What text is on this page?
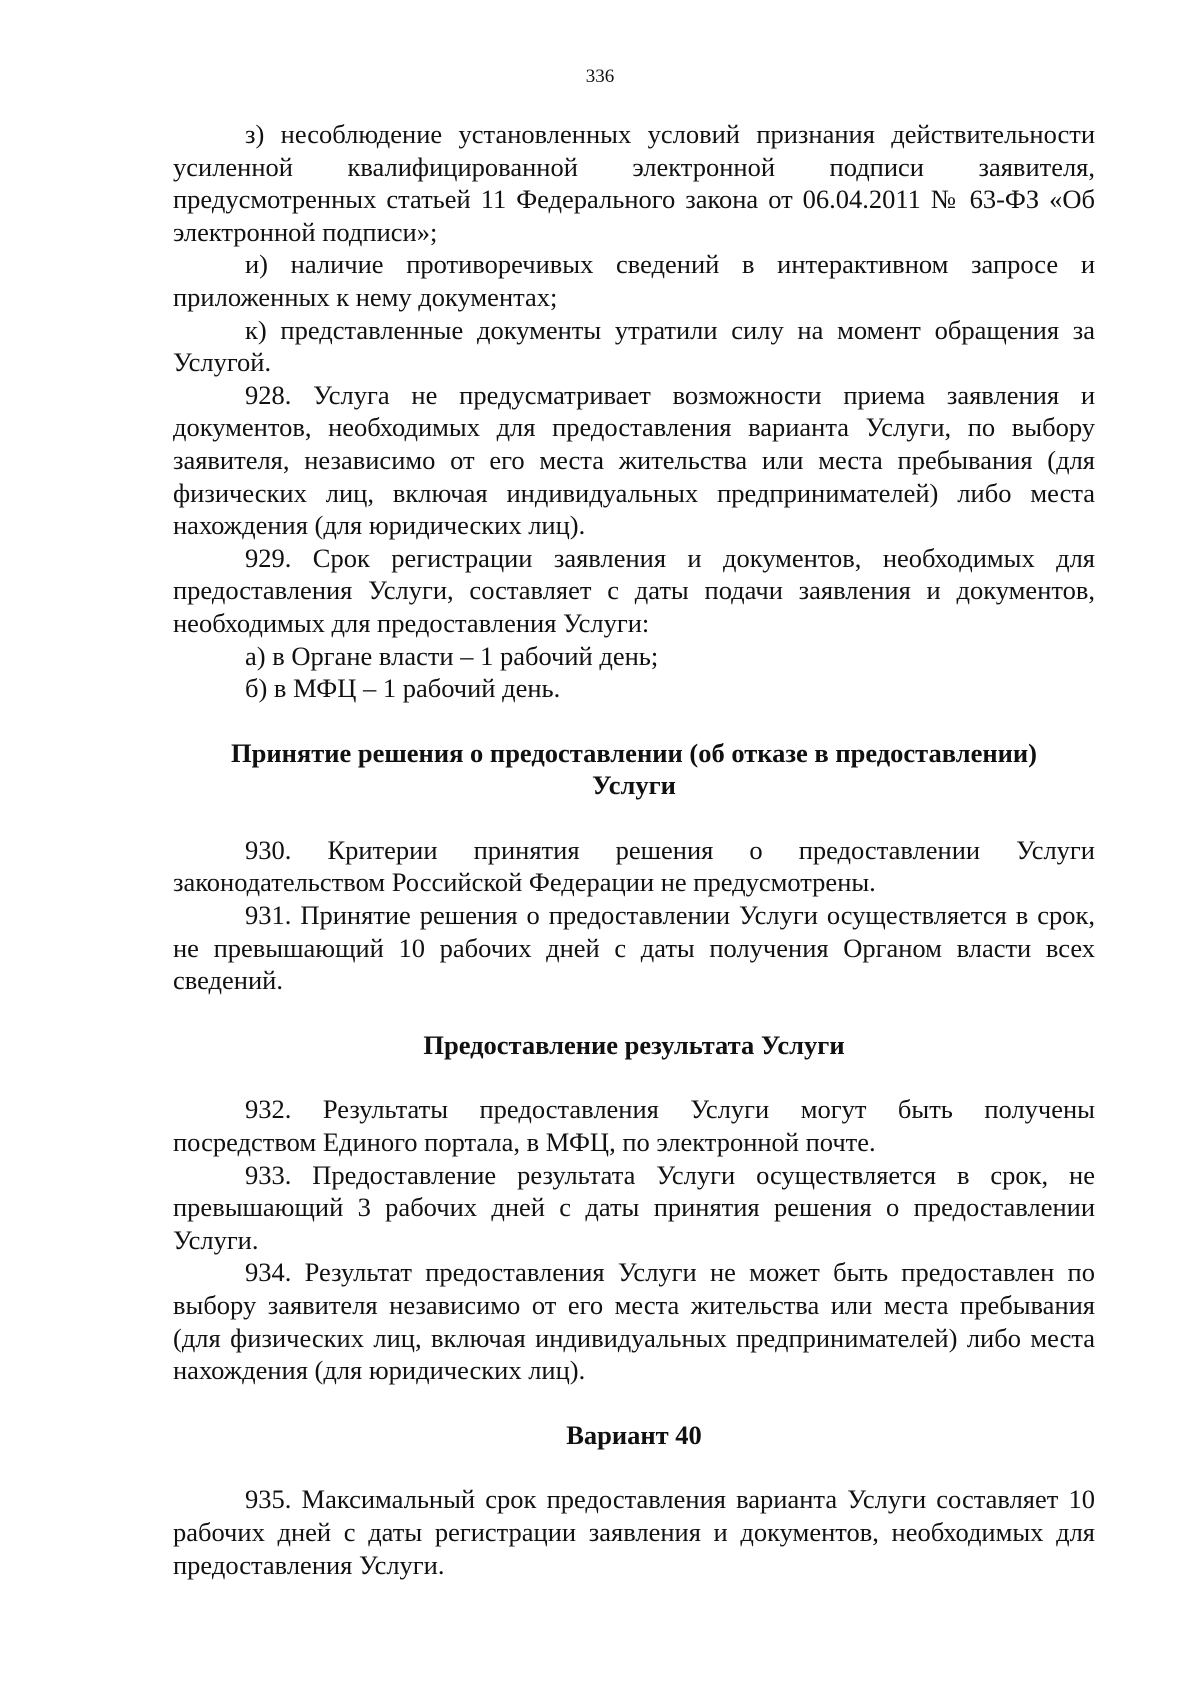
336

з) несоблюдение установленных условий признания действительности усиленной квалифицированной электронной подписи заявителя, предусмотренных статьей 11 Федерального закона от 06.04.2011 № 63-ФЗ «Об электронной подписи»;

и) наличие противоречивых сведений в интерактивном запросе и приложенных к нему документах;

к) представленные документы утратили силу на момент обращения за Услугой.

928. Услуга не предусматривает возможности приема заявления и документов, необходимых для предоставления варианта Услуги, по выбору заявителя, независимо от его места жительства или места пребывания (для физических лиц, включая индивидуальных предпринимателей) либо места нахождения (для юридических лиц).

929. Срок регистрации заявления и документов, необходимых для предоставления Услуги, составляет с даты подачи заявления и документов, необходимых для предоставления Услуги:

а) в Органе власти – 1 рабочий день;

б) в МФЦ – 1 рабочий день.

Принятие решения о предоставлении (об отказе в предоставлении)
Услуги

930. Критерии принятия решения о предоставлении Услуги законодательством Российской Федерации не предусмотрены.

931. Принятие решения о предоставлении Услуги осуществляется в срок, не превышающий 10 рабочих дней с даты получения Органом власти всех сведений.

Предоставление результата Услуги

932. Результаты предоставления Услуги могут быть получены посредством Единого портала, в МФЦ, по электронной почте.

933. Предоставление результата Услуги осуществляется в срок, не превышающий 3 рабочих дней с даты принятия решения о предоставлении Услуги.

934. Результат предоставления Услуги не может быть предоставлен по выбору заявителя независимо от его места жительства или места пребывания (для физических лиц, включая индивидуальных предпринимателей) либо места нахождения (для юридических лиц).

Вариант 40

935. Максимальный срок предоставления варианта Услуги составляет 10 рабочих дней с даты регистрации заявления и документов, необходимых для предоставления Услуги.
